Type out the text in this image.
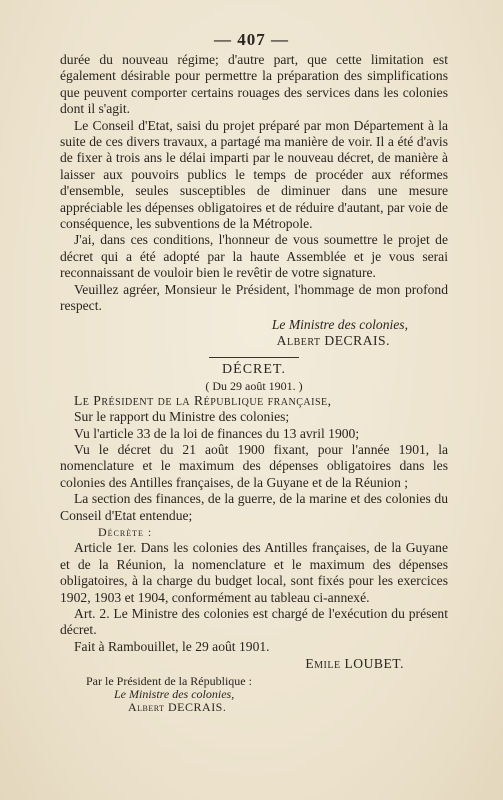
— 407 —

durée du nouveau régime; d'autre part, que cette limitation est également désirable pour permettre la préparation des simplifications que peuvent comporter certains rouages des services dans les colonies dont il s'agit.

Le Conseil d'Etat, saisi du projet préparé par mon Département à la suite de ces divers travaux, a partagé ma manière de voir. Il a été d'avis de fixer à trois ans le délai imparti par le nouveau décret, de manière à laisser aux pouvoirs publics le temps de procéder aux réformes d'ensemble, seules susceptibles de diminuer dans une mesure appréciable les dépenses obligatoires et de réduire d'autant, par voie de conséquence, les subventions de la Métropole.

J'ai, dans ces conditions, l'honneur de vous soumettre le projet de décret qui a été adopté par la haute Assemblée et je vous serai reconnaissant de vouloir bien le revêtir de votre signature.

Veuillez agréer, Monsieur le Président, l'hommage de mon profond respect.

Le Ministre des colonies,
Albert DECRAIS.
DÉCRET.
( Du 29 août 1901. )

Le Président de la République française,

Sur le rapport du Ministre des colonies;

Vu l'article 33 de la loi de finances du 13 avril 1900;

Vu le décret du 21 août 1900 fixant, pour l'année 1901, la nomenclature et le maximum des dépenses obligatoires dans les colonies des Antilles françaises, de la Guyane et de la Réunion ;

La section des finances, de la guerre, de la marine et des colonies du Conseil d'Etat entendue;

Décrète :

Article 1er. Dans les colonies des Antilles françaises, de la Guyane et de la Réunion, la nomenclature et le maximum des dépenses obligatoires, à la charge du budget local, sont fixés pour les exercices 1902, 1903 et 1904, conformément au tableau ci-annexé.

Art. 2. Le Ministre des colonies est chargé de l'exécution du présent décret.

Fait à Rambouillet, le 29 août 1901.

Emile LOUBET.
Par le Président de la République :
Le Ministre des colonies,
Albert DECRAIS.
